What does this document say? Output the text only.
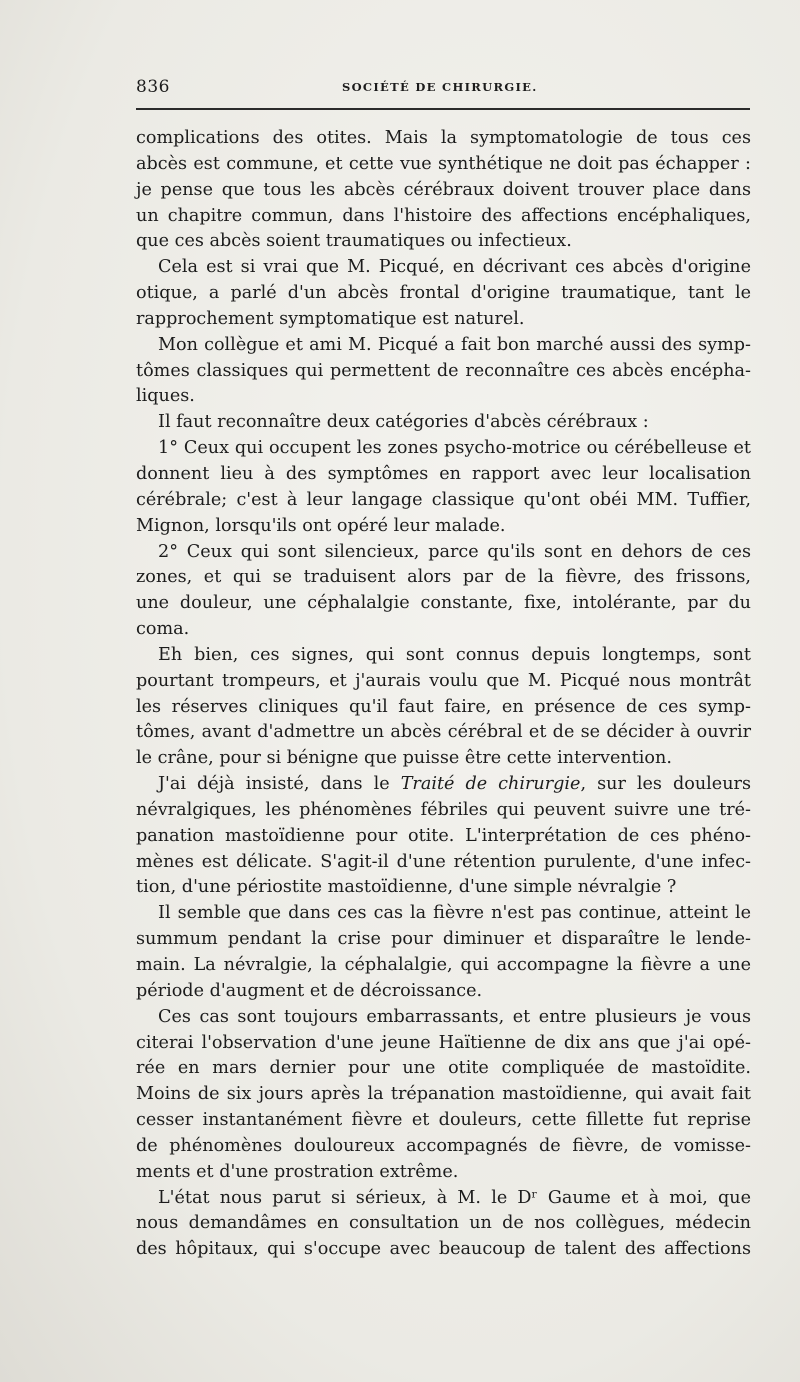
836	SOCIÉTÉ DE CHIRURGIE.
complications des otites. Mais la symptomatologie de tous ces
abcès est commune, et cette vue synthétique ne doit pas échapper :
je pense que tous les abcès cérébraux doivent trouver place dans
un chapitre commun, dans l'histoire des affections encéphaliques,
que ces abcès soient traumatiques ou infectieux.
Cela est si vrai que M. Picqué, en décrivant ces abcès d'origine
otique, a parlé d'un abcès frontal d'origine traumatique, tant le
rapprochement symptomatique est naturel.
Mon collègue et ami M. Picqué a fait bon marché aussi des symp-
tômes classiques qui permettent de reconnaître ces abcès encépha-
liques.
Il faut reconnaître deux catégories d'abcès cérébraux :
1° Ceux qui occupent les zones psycho-motrice ou cérébelleuse et
donnent lieu à des symptômes en rapport avec leur localisation
cérébrale; c'est à leur langage classique qu'ont obéi MM. Tuffier,
Mignon, lorsqu'ils ont opéré leur malade.
2° Ceux qui sont silencieux, parce qu'ils sont en dehors de ces
zones, et qui se traduisent alors par de la fièvre, des frissons,
une douleur, une céphalalgie constante, fixe, intolérante, par du
coma.
Eh bien, ces signes, qui sont connus depuis longtemps, sont
pourtant trompeurs, et j'aurais voulu que M. Picqué nous montrât
les réserves cliniques qu'il faut faire, en présence de ces symp-
tômes, avant d'admettre un abcès cérébral et de se décider à ouvrir
le crâne, pour si bénigne que puisse être cette intervention.
J'ai déjà insisté, dans le Traité de chirurgie, sur les douleurs
névralgiques, les phénomènes fébriles qui peuvent suivre une tré-
panation mastoïdienne pour otite. L'interprétation de ces phéno-
mènes est délicate. S'agit-il d'une rétention purulente, d'une infec-
tion, d'une périostite mastoïdienne, d'une simple névralgie ?
Il semble que dans ces cas la fièvre n'est pas continue, atteint le
summum pendant la crise pour diminuer et disparaître le lende-
main. La névralgie, la céphalalgie, qui accompagne la fièvre a une
période d'augment et de décroissance.
Ces cas sont toujours embarrassants, et entre plusieurs je vous
citerai l'observation d'une jeune Haïtienne de dix ans que j'ai opé-
rée en mars dernier pour une otite compliquée de mastoïdite.
Moins de six jours après la trépanation mastoïdienne, qui avait fait
cesser instantanément fièvre et douleurs, cette fillette fut reprise
de phénomènes douloureux accompagnés de fièvre, de vomisse-
ments et d'une prostration extrême.
L'état nous parut si sérieux, à M. le Dʳ Gaume et à moi, que
nous demandâmes en consultation un de nos collègues, médecin
des hôpitaux, qui s'occupe avec beaucoup de talent des affections
